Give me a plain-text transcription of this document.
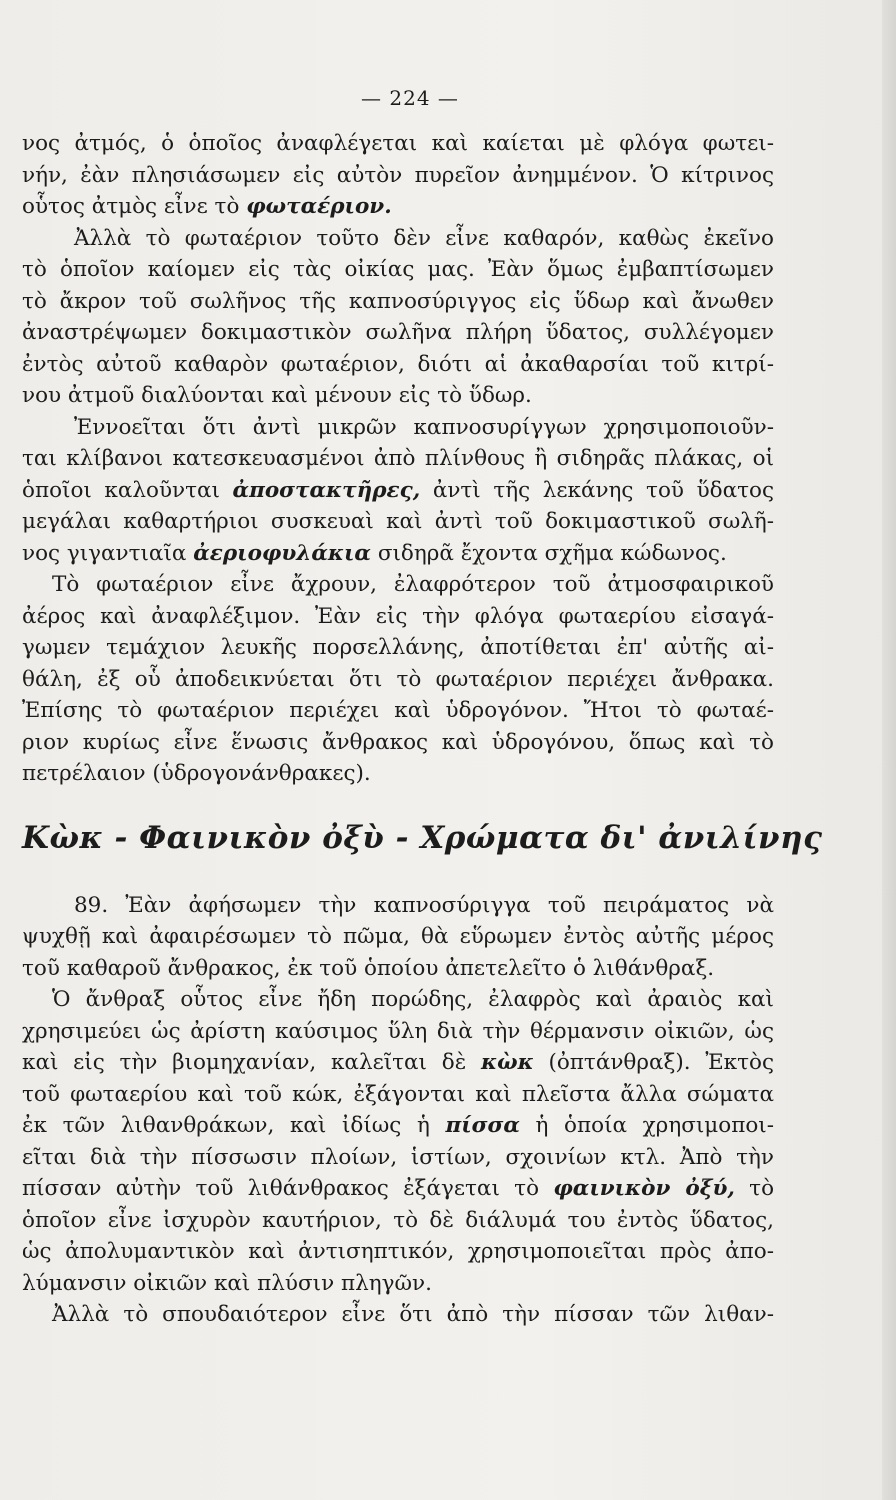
— 224 —
νος ἀτμός, ὁ ὁποῖος ἀναφλέγεται καὶ καίεται μὲ φλόγα φωτει-
νήν, ἐὰν πλησιάσωμεν εἰς αὐτὸν πυρεῖον ἀνημμένον. Ὁ κίτρινος
οὗτος ἀτμὸς εἶνε τὸ φωταέριον.
Ἀλλὰ τὸ φωταέριον τοῦτο δὲν εἶνε καθαρόν, καθὼς ἐκεῖνο
τὸ ὁποῖον καίομεν εἰς τὰς οἰκίας μας. Ἐὰν ὅμως ἐμβαπτίσωμεν
τὸ ἄκρον τοῦ σωλῆνος τῆς καπνοσύριγγος εἰς ὕδωρ καὶ ἄνωθεν
ἀναστρέψωμεν δοκιμαστικὸν σωλῆνα πλήρη ὕδατος, συλλέγομεν
ἐντὸς αὐτοῦ καθαρὸν φωταέριον, διότι αἱ ἀκαθαρσίαι τοῦ κιτρί-
νου ἀτμοῦ διαλύονται καὶ μένουν εἰς τὸ ὕδωρ.
Ἐννοεῖται ὅτι ἀντὶ μικρῶν καπνοσυρίγγων χρησιμοποιοῦν-
ται κλίβανοι κατεσκευασμένοι ἀπὸ πλίνθους ἢ σιδηρᾶς πλάκας, οἱ
ὁποῖοι καλοῦνται ἀποστακτῆρες, ἀντὶ τῆς λεκάνης τοῦ ὕδατος
μεγάλαι καθαρτήριοι συσκευαὶ καὶ ἀντὶ τοῦ δοκιμαστικοῦ σωλῆ-
νος γιγαντιαῖα ἀεριοφυλάκια σιδηρᾶ ἔχοντα σχῆμα κώδωνος.
Τὸ φωταέριον εἶνε ἄχρουν, ἐλαφρότερον τοῦ ἀτμοσφαιρικοῦ
ἀέρος καὶ ἀναφλέξιμον. Ἐὰν εἰς τὴν φλόγα φωταερίου εἰσαγά-
γωμεν τεμάχιον λευκῆς πορσελλάνης, ἀποτίθεται ἐπ' αὐτῆς αἰ-
θάλη, ἐξ οὗ ἀποδεικνύεται ὅτι τὸ φωταέριον περιέχει ἄνθρακα.
Ἐπίσης τὸ φωταέριον περιέχει καὶ ὑδρογόνον. Ἤτοι τὸ φωταέ-
ριον κυρίως εἶνε ἕνωσις ἄνθρακος καὶ ὑδρογόνου, ὅπως καὶ τὸ
πετρέλαιον (ὑδρογονάνθρακες).
Κὼκ - Φαινικὸν ὀξὺ - Χρώματα δι' ἀνιλίνης
89. Ἐὰν ἀφήσωμεν τὴν καπνοσύριγγα τοῦ πειράματος νὰ
ψυχθῇ καὶ ἀφαιρέσωμεν τὸ πῶμα, θὰ εὕρωμεν ἐντὸς αὐτῆς μέρος
τοῦ καθαροῦ ἄνθρακος, ἐκ τοῦ ὁποίου ἀπετελεῖτο ὁ λιθάνθραξ.
Ὁ ἄνθραξ οὗτος εἶνε ἤδη πορώδης, ἐλαφρὸς καὶ ἀραιὸς καὶ
χρησιμεύει ὡς ἀρίστη καύσιμος ὕλη διὰ τὴν θέρμανσιν οἰκιῶν, ὡς
καὶ εἰς τὴν βιομηχανίαν, καλεῖται δὲ κὼκ (ὀπτάνθραξ). Ἐκτὸς
τοῦ φωταερίου καὶ τοῦ κώκ, ἐξάγονται καὶ πλεῖστα ἄλλα σώματα
ἐκ τῶν λιθανθράκων, καὶ ἰδίως ἡ πίσσα ἡ ὁποία χρησιμοποι-
εῖται διὰ τὴν πίσσωσιν πλοίων, ἱστίων, σχοινίων κτλ. Ἀπὸ τὴν
πίσσαν αὐτὴν τοῦ λιθάνθρακος ἐξάγεται τὸ φαινικὸν ὀξύ, τὸ
ὁποῖον εἶνε ἰσχυρὸν καυτήριον, τὸ δὲ διάλυμά του ἐντὸς ὕδατος,
ὡς ἀπολυμαντικὸν καὶ ἀντισηπτικόν, χρησιμοποιεῖται πρὸς ἀπο-
λύμανσιν οἰκιῶν καὶ πλύσιν πληγῶν.
Ἀλλὰ τὸ σπουδαιότερον εἶνε ὅτι ἀπὸ τὴν πίσσαν τῶν λιθαν-
